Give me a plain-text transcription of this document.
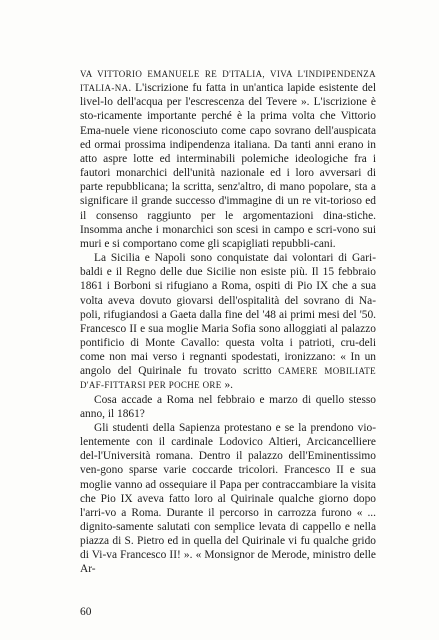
VA VITTORIO EMANUELE RE D'ITALIA, VIVA L'INDIPENDENZA ITALIA-NA. L'iscrizione fu fatta in un'antica lapide esistente del livel-lo dell'acqua per l'escrescenza del Tevere ». L'iscrizione è sto-ricamente importante perché è la prima volta che Vittorio Ema-nuele viene riconosciuto come capo sovrano dell'auspicata ed ormai prossima indipendenza italiana. Da tanti anni erano in atto aspre lotte ed interminabili polemiche ideologiche fra i fautori monarchici dell'unità nazionale ed i loro avversari di parte repubblicana; la scritta, senz'altro, di mano popolare, sta a significare il grande successo d'immagine di un re vit-torioso ed il consenso raggiunto per le argomentazioni dina-stiche. Insomma anche i monarchici son scesi in campo e scri-vono sui muri e si comportano come gli scapigliati repubbli-cani.

La Sicilia e Napoli sono conquistate dai volontari di Gari-baldi e il Regno delle due Sicilie non esiste più. Il 15 febbraio 1861 i Borboni si rifugiano a Roma, ospiti di Pio IX che a sua volta aveva dovuto giovarsi dell'ospitalità del sovrano di Na-poli, rifugiandosi a Gaeta dalla fine del '48 ai primi mesi del '50. Francesco II e sua moglie Maria Sofia sono alloggiati al palazzo pontificio di Monte Cavallo: questa volta i patrioti, cru-deli come non mai verso i regnanti spodestati, ironizzano: « In un angolo del Quirinale fu trovato scritto CAMERE MOBILIATE D'AF-FITTARSI PER POCHE ORE ».

Cosa accade a Roma nel febbraio e marzo di quello stesso anno, il 1861?

Gli studenti della Sapienza protestano e se la prendono vio-lentemente con il cardinale Lodovico Altieri, Arcicancelliere del-l'Università romana. Dentro il palazzo dell'Eminentissimo ven-gono sparse varie coccarde tricolori. Francesco II e sua moglie vanno ad ossequiare il Papa per contraccambiare la visita che Pio IX aveva fatto loro al Quirinale qualche giorno dopo l'arri-vo a Roma. Durante il percorso in carrozza furono « ... dignito-samente salutati con semplice levata di cappello e nella piazza di S. Pietro ed in quella del Quirinale vi fu qualche grido di Vi-va Francesco II! ». « Monsignor de Merode, ministro delle Ar-

60
